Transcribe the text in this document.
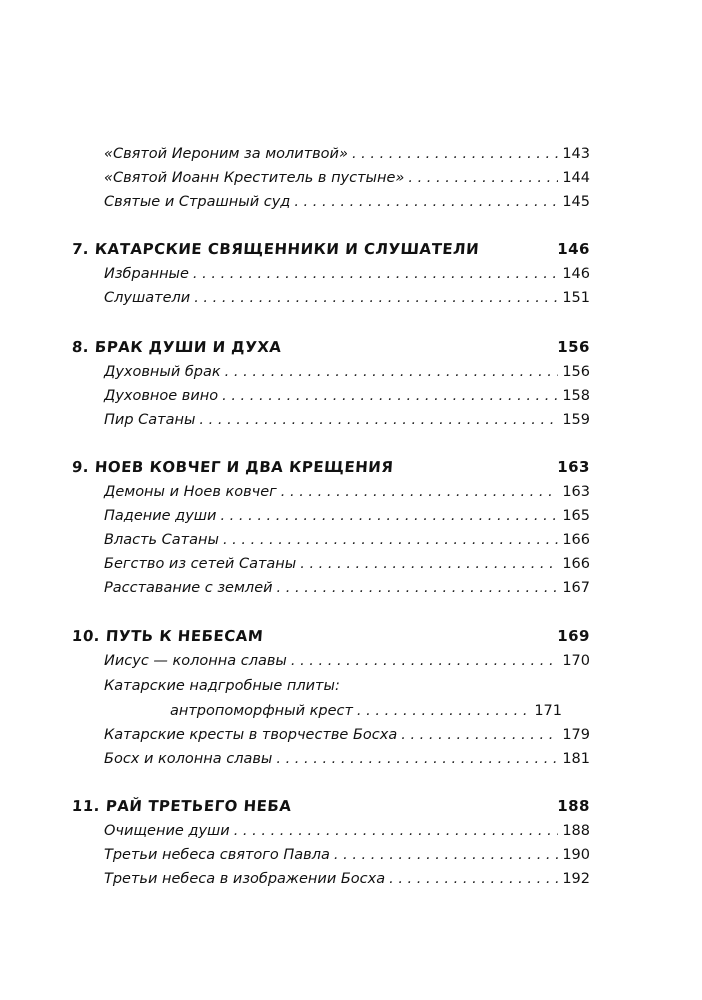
«Святой Иероним за молитвой» . . .	143
«Святой Иоанн Креститель в пустыне» . . .	144
Святые и Страшный суд . . .	145
7. КАТАРСКИЕ СВЯЩЕННИКИ И СЛУШАТЕЛИ	146
Избранные . . .	146
Слушатели . . .	151
8. БРАК ДУШИ И ДУХА	156
Духовный брак . . .	156
Духовное вино . . .	158
Пир Сатаны . . .	159
9. НОЕВ КОВЧЕГ И ДВА КРЕЩЕНИЯ	163
Демоны и Ноев ковчег . . .	163
Падение души . . .	165
Власть Сатаны . . .	166
Бегство из сетей Сатаны . . .	166
Расставание с землей . . .	167
10. ПУТЬ К НЕБЕСАМ	169
Иисус — колонна славы . . .	170
Катарские надгробные плиты:
антропоморфный крест . . .	171
Катарские кресты в творчестве Босха . . .	179
Босх и колонна славы . . .	181
11. РАЙ ТРЕТЬЕГО НЕБА	188
Очищение души . . .	188
Третьи небеса святого Павла . . .	190
Третьи небеса в изображении Босха . . .	192
